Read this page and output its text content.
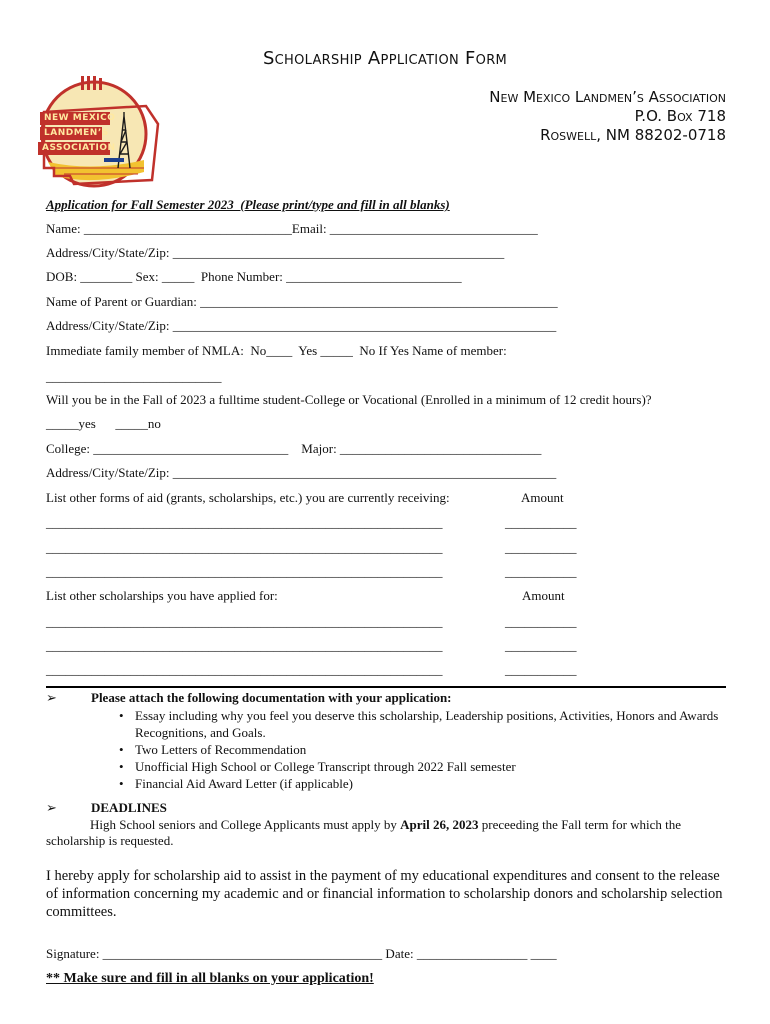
Scholarship Application Form
NEW MEXICO
LANDMEN’S
ASSOCIATION
New Mexico Landmen’s Association
P.O. Box 718
Roswell, NM 88202-0718
Application for Fall Semester 2023  (Please print/type and fill in all blanks)
Name: ________________________________Email: ________________________________
Address/City/State/Zip: ___________________________________________________
DOB: ________ Sex: _____  Phone Number: ___________________________
Name of Parent or Guardian: _______________________________________________________
Address/City/State/Zip: ___________________________________________________________
Immediate family member of NMLA:  No____  Yes _____  No If Yes Name of member:
___________________________
Will you be in the Fall of 2023 a fulltime student-College or Vocational (Enrolled in a minimum of 12 credit hours)?
_____yes      _____no
College: ______________________________    Major: _______________________________
Address/City/State/Zip: ___________________________________________________________
List other forms of aid (grants, scholarships, etc.) you are currently receiving:	Amount
_____________________________________________________________	___________
_____________________________________________________________	___________
_____________________________________________________________	___________
List other scholarships you have applied for:	Amount
_____________________________________________________________	___________
_____________________________________________________________	___________
_____________________________________________________________	___________
➢	Please attach the following documentation with your application:
• Essay including why you feel you deserve this scholarship, Leadership positions, Activities, Honors and Awards Recognitions, and Goals.
• Two Letters of Recommendation
• Unofficial High School or College Transcript through 2022 Fall semester
• Financial Aid Award Letter (if applicable)
➢	DEADLINES
High School seniors and College Applicants must apply by April 26, 2023 preceeding the Fall term for which the scholarship is requested.
I hereby apply for scholarship aid to assist in the payment of my educational expenditures and consent to the release of information concerning my academic and or financial information to scholarship donors and scholarship selection committees.
Signature: ___________________________________________ Date: _________________ ____
** Make sure and fill in all blanks on your application!
